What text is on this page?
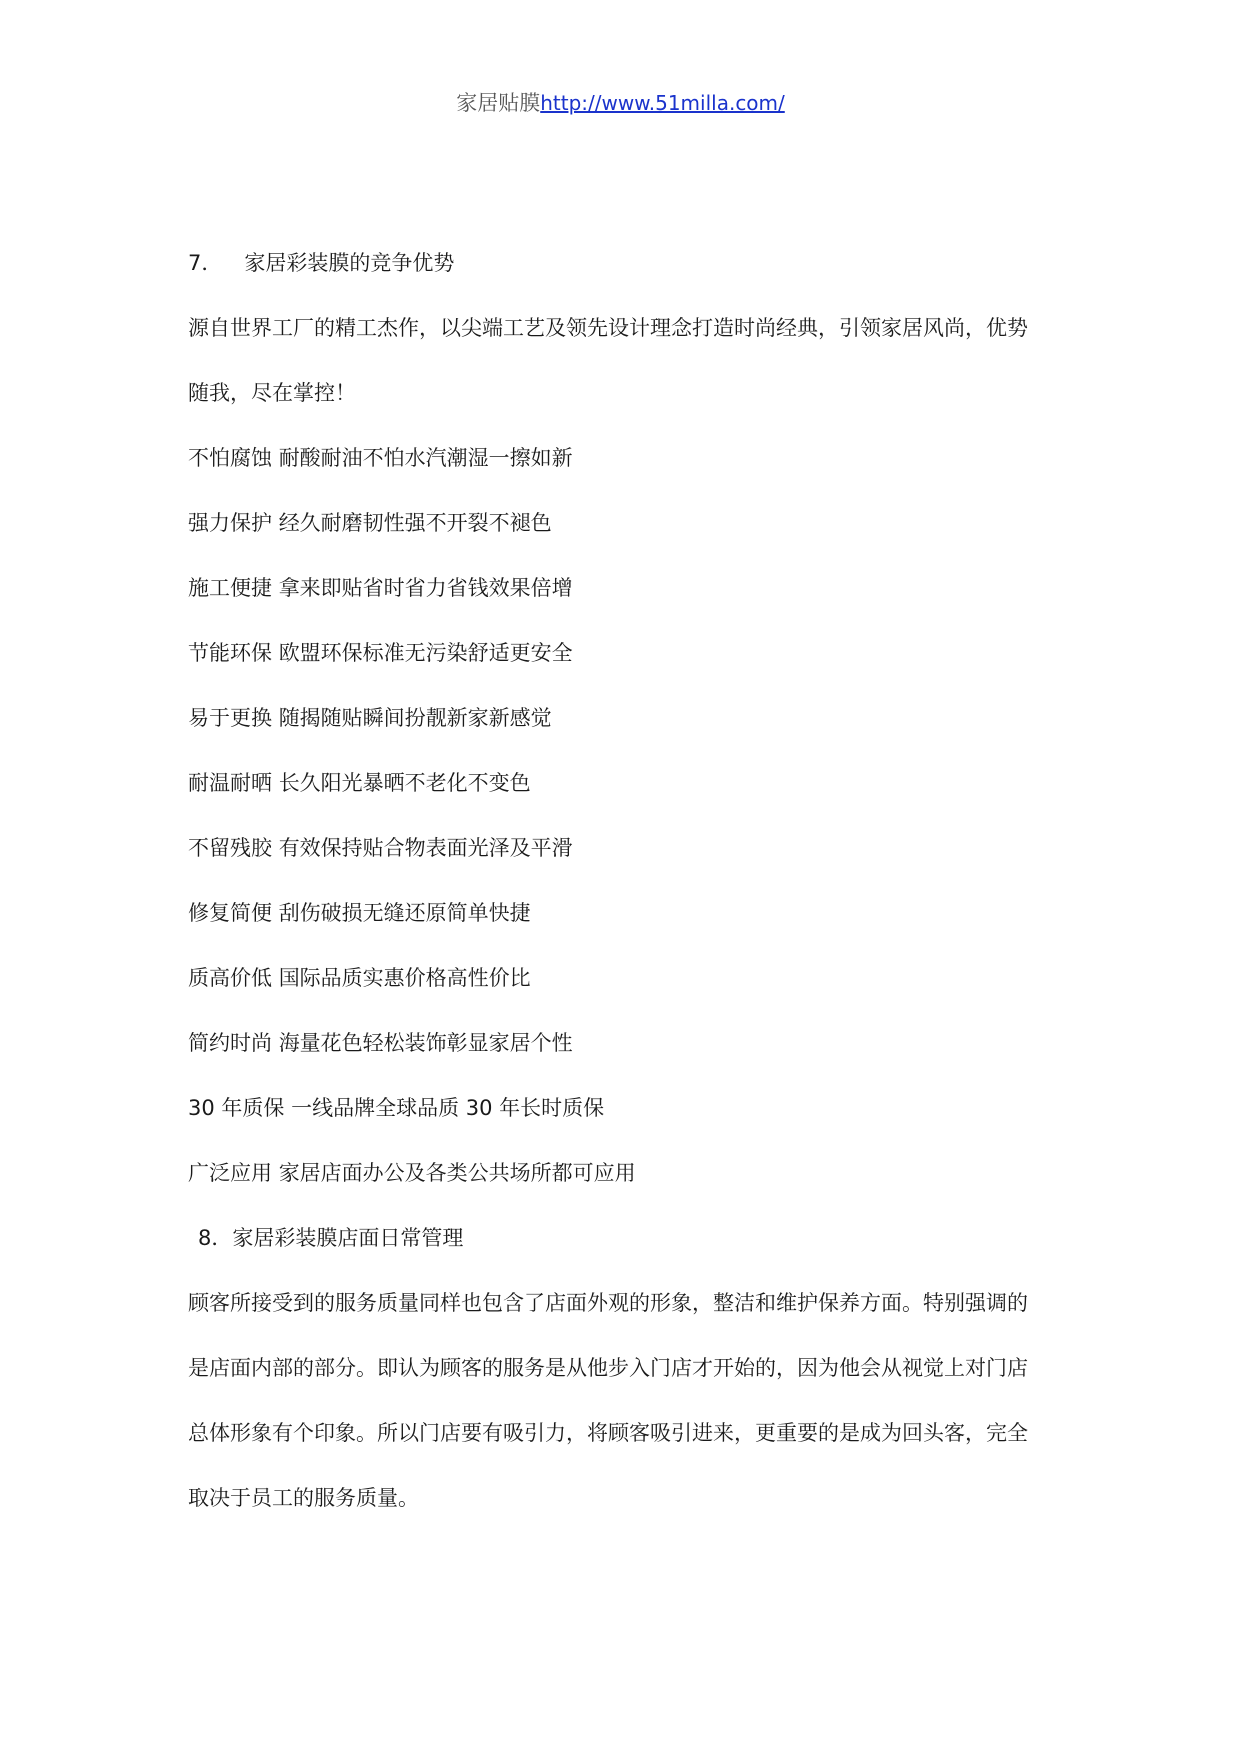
家居贴膜http://www.51milla.com/
7． 家居彩装膜的竞争优势
源自世界工厂的精工杰作，以尖端工艺及领先设计理念打造时尚经典，引领家居风尚，优势
随我，尽在掌控！
不怕腐蚀 耐酸耐油不怕水汽潮湿一擦如新
强力保护 经久耐磨韧性强不开裂不褪色
施工便捷 拿来即贴省时省力省钱效果倍增
节能环保 欧盟环保标准无污染舒适更安全
易于更换 随揭随贴瞬间扮靓新家新感觉
耐温耐晒 长久阳光暴晒不老化不变色
不留残胶 有效保持贴合物表面光泽及平滑
修复简便 刮伤破损无缝还原简单快捷
质高价低 国际品质实惠价格高性价比
简约时尚 海量花色轻松装饰彰显家居个性
30 年质保 一线品牌全球品质 30 年长时质保
广泛应用 家居店面办公及各类公共场所都可应用
8．家居彩装膜店面日常管理
顾客所接受到的服务质量同样也包含了店面外观的形象，整洁和维护保养方面。特别强调的
是店面内部的部分。即认为顾客的服务是从他步入门店才开始的，因为他会从视觉上对门店
总体形象有个印象。所以门店要有吸引力，将顾客吸引进来，更重要的是成为回头客，完全
取决于员工的服务质量。
